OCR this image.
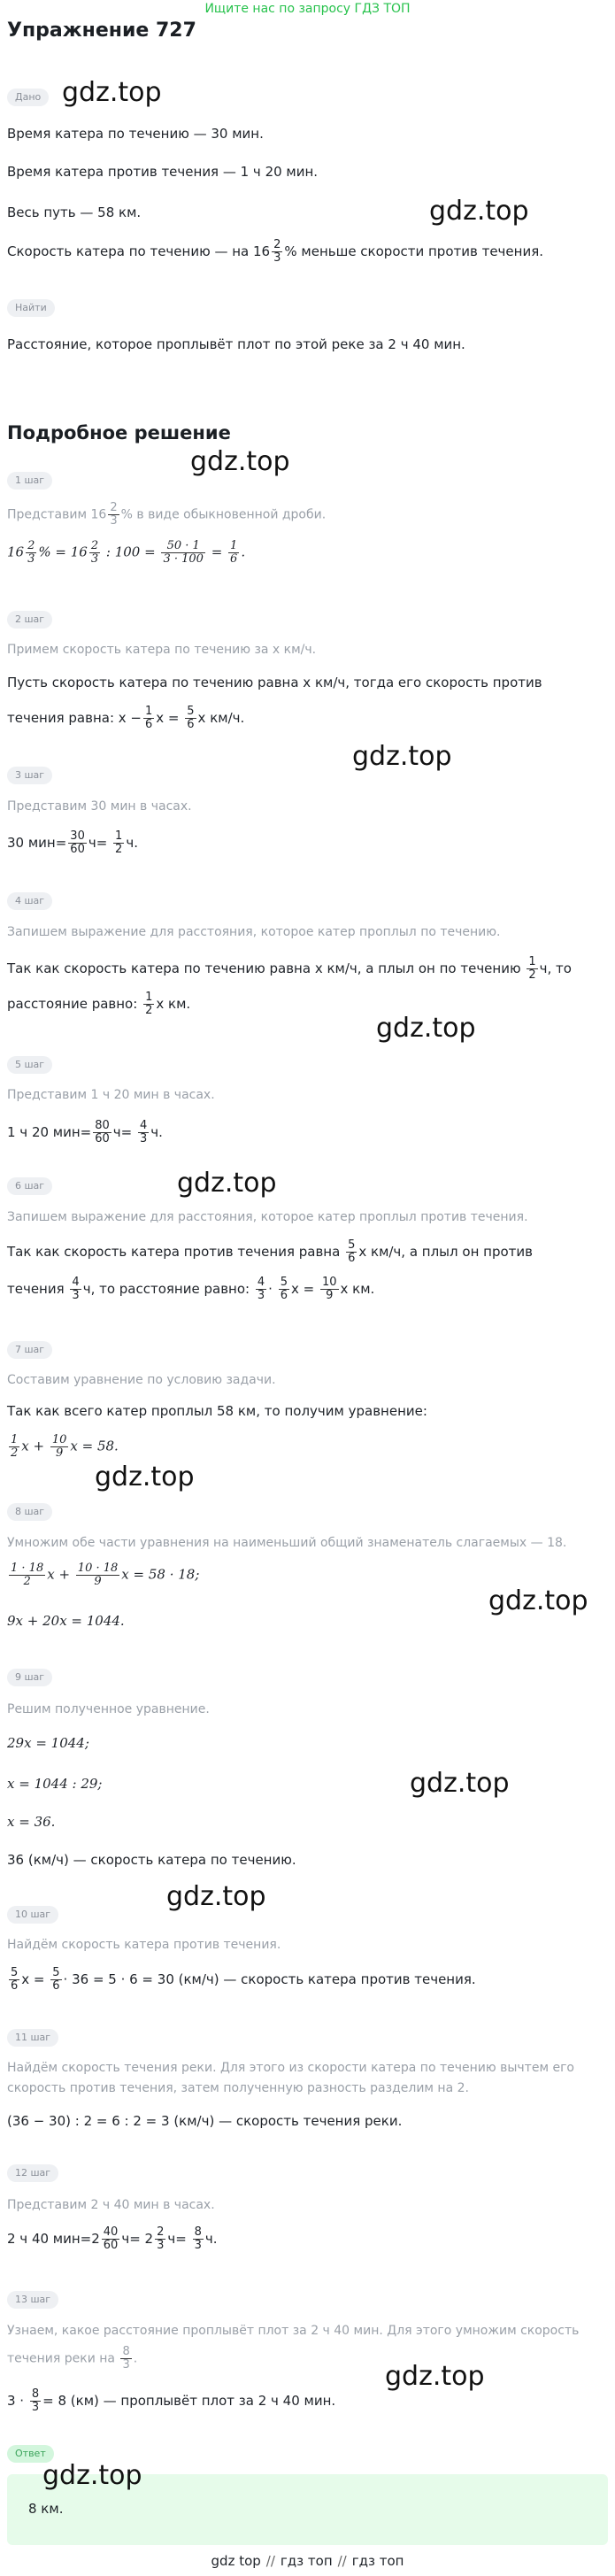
Ищите нас по запросу ГДЗ ТОП
Упражнение 727
Дано gdz.top
Время катера по течению — 30 мин.
Время катера против течения — 1 ч 20 мин.
Весь путь — 58 км.	gdz.top
Скорость катера по течению — на $16 \frac{2}{3}$ % меньше скорости против течения.
Найти
Расстояние, которое проплывёт плот по этой реке за 2 ч 40 мин.
Подробное решение
gdz.top
1 шаг
Представим $16 \frac{2}{3}$ % в виде обыкновенной дроби.
$16 \frac{2}{3}$ % = $16 \frac{2}{3}$ : $100 = \frac{50 \cdot 1}{3 \cdot 100} = \frac{1}{6}$ .
2 шаг
Примем скорость катера по течению за x км/ч.
Пусть скорость катера по течению равна x км/ч, тогда его скорость против
течения равна: $x - \frac{1}{6}$ $x = \frac{5}{6}$ x км/ч.
gdz.top
3 шаг
Представим 30 мин в часах.
30 $мин= \frac{30}{60} ч= \frac{1}{2} ч$.
4 шаг
Запишем выражение для расстояния, которое катер проплыл по течению.
Так как скорость катера по течению равна x км/ч, а плыл он по течению $\frac{1}{2} ч$, то
расстояние равно: $\frac{1}{2}$ x км.
gdz.top
5 шаг
Представим 1 ч 20 мин в часах.
1 ч 20 $мин= \frac{80}{60} ч= \frac{4}{3} ч$.
gdz.top
6 шаг
Запишем выражение для расстояния, которое катер проплыл против течения.
Так как скорость катера против течения равна $\frac{5}{6}$ x км/ч, а плыл он против
течения $\frac{4}{3} ч$, то расстояние равно: $\frac{4}{3} \cdot \frac{5}{6}$ $x = \frac{10}{9}$ x км.
7 шаг
Составим уравнение по условию задачи.
Так как всего катер проплыл 58 км, то получим уравнение:
$\frac{1}{2}$ $x + \frac{10}{9}$ x = 58.
gdz.top
8 шаг
Умножим обе части уравнения на наименьший общий знаменатель слагаемых — 18.
$\frac{1 \cdot 18}{2}$ $x + \frac{10 \cdot 18}{9}$ x = 58 · 18;
9x + 20x = 1044.
gdz.top
9 шаг
Решим полученное уравнение.
29x = 1044;
gdz.top
x = 1044 : 29;
x = 36.
36 (км/ч) — скорость катера по течению.
gdz.top
10 шаг
Найдём скорость катера против течения.
$\frac{5}{6}$ $x = \frac{5}{6} \cdot 36 = 5 \cdot 6 = 30$ (км/ч) — скорость катера против течения.
11 шаг
Найдём скорость течения реки. Для этого из скорости катера по течению вычтем его
скорость против течения, затем полученную разность разделим на 2.
(36 − 30) : 2 = 6 : 2 = 3 (км/ч) — скорость течения реки.
12 шаг
Представим 2 ч 40 мин в часах.
2 ч 40 $мин=2 \frac{40}{60} ч= 2 \frac{2}{3} ч= \frac{8}{3} ч$.
13 шаг
Узнаем, какое расстояние проплывёт плот за 2 ч 40 мин. Для этого умножим скорость
течения реки на $\frac{8}{3}$ .
gdz.top
$3 \cdot \frac{8}{3} = 8$ (км) — проплывёт плот за 2 ч 40 мин.
Ответ
gdz.top
8 км.
gdz top // гдз топ // гдз топ
